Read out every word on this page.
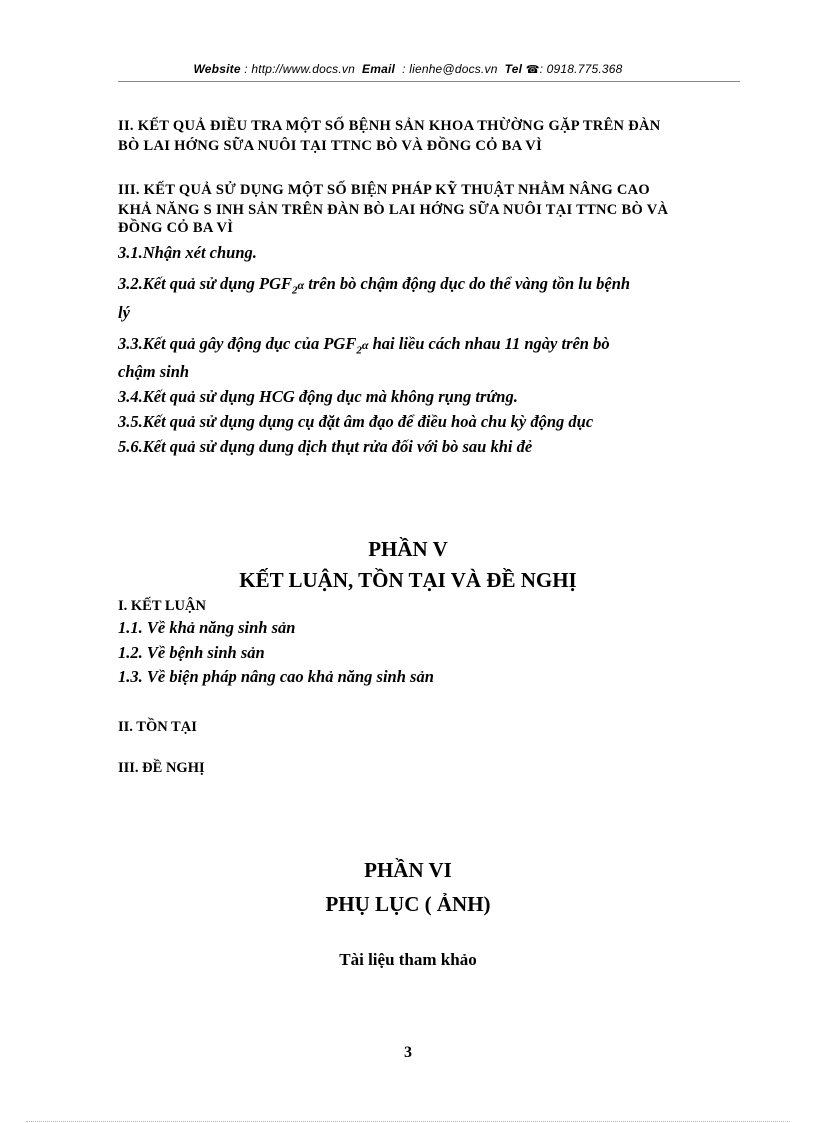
Website : http://www.docs.vn Email : lienhe@docs.vn Tel ☎: 0918.775.368
II. KẾT QUẢ ĐIỀU TRA MỘT SỐ BỆNH SẢN KHOA THỪỜNG GẶP TRÊN ĐÀN
BÒ LAI HỚNG SỮA NUÔI TẠI TTNC BÒ VÀ ĐỒNG CỎ BA VÌ
III. KẾT QUẢ SỬ DỤNG MỘT SỐ BIỆN PHÁP KỸ THUẬT NHẰM NÂNG CAO
KHẢ NĂNG S INH SẢN TRÊN ĐÀN BÒ LAI HỚNG SỮA NUÔI TẠI TTNC BÒ VÀ
ĐỒNG CỎ BA VÌ
3.1.Nhận xét chung.
3.2.Kết quả sử dụng $PGF_2\alpha$ trên bò chậm động dục do thể vàng tồn lu bệnh
lý
3.3.Kết quả gây động dục của $PGF_2\alpha$ hai liều cách nhau 11 ngày trên bò
chậm sinh
3.4.Kết quả sử dụng HCG động dục mà không rụng trứng.
3.5.Kết quả sử dụng dụng cụ đặt âm đạo để điều hoà chu kỳ động dục
5.6.Kết quả sử dụng dung dịch thụt rửa đối với bò sau khi đẻ
PHẦN V
KẾT LUẬN, TỒN TẠI VÀ ĐỀ NGHỊ
I. KẾT LUẬN
1.1. Về khả năng sinh sản
1.2. Về bệnh sinh sản
1.3. Về biện pháp nâng cao khả năng sinh sản
II. TỒN TẠI
III. ĐỀ NGHỊ
PHẦN VI
PHỤ LỤC ( ẢNH)
Tài liệu tham khảo
3
